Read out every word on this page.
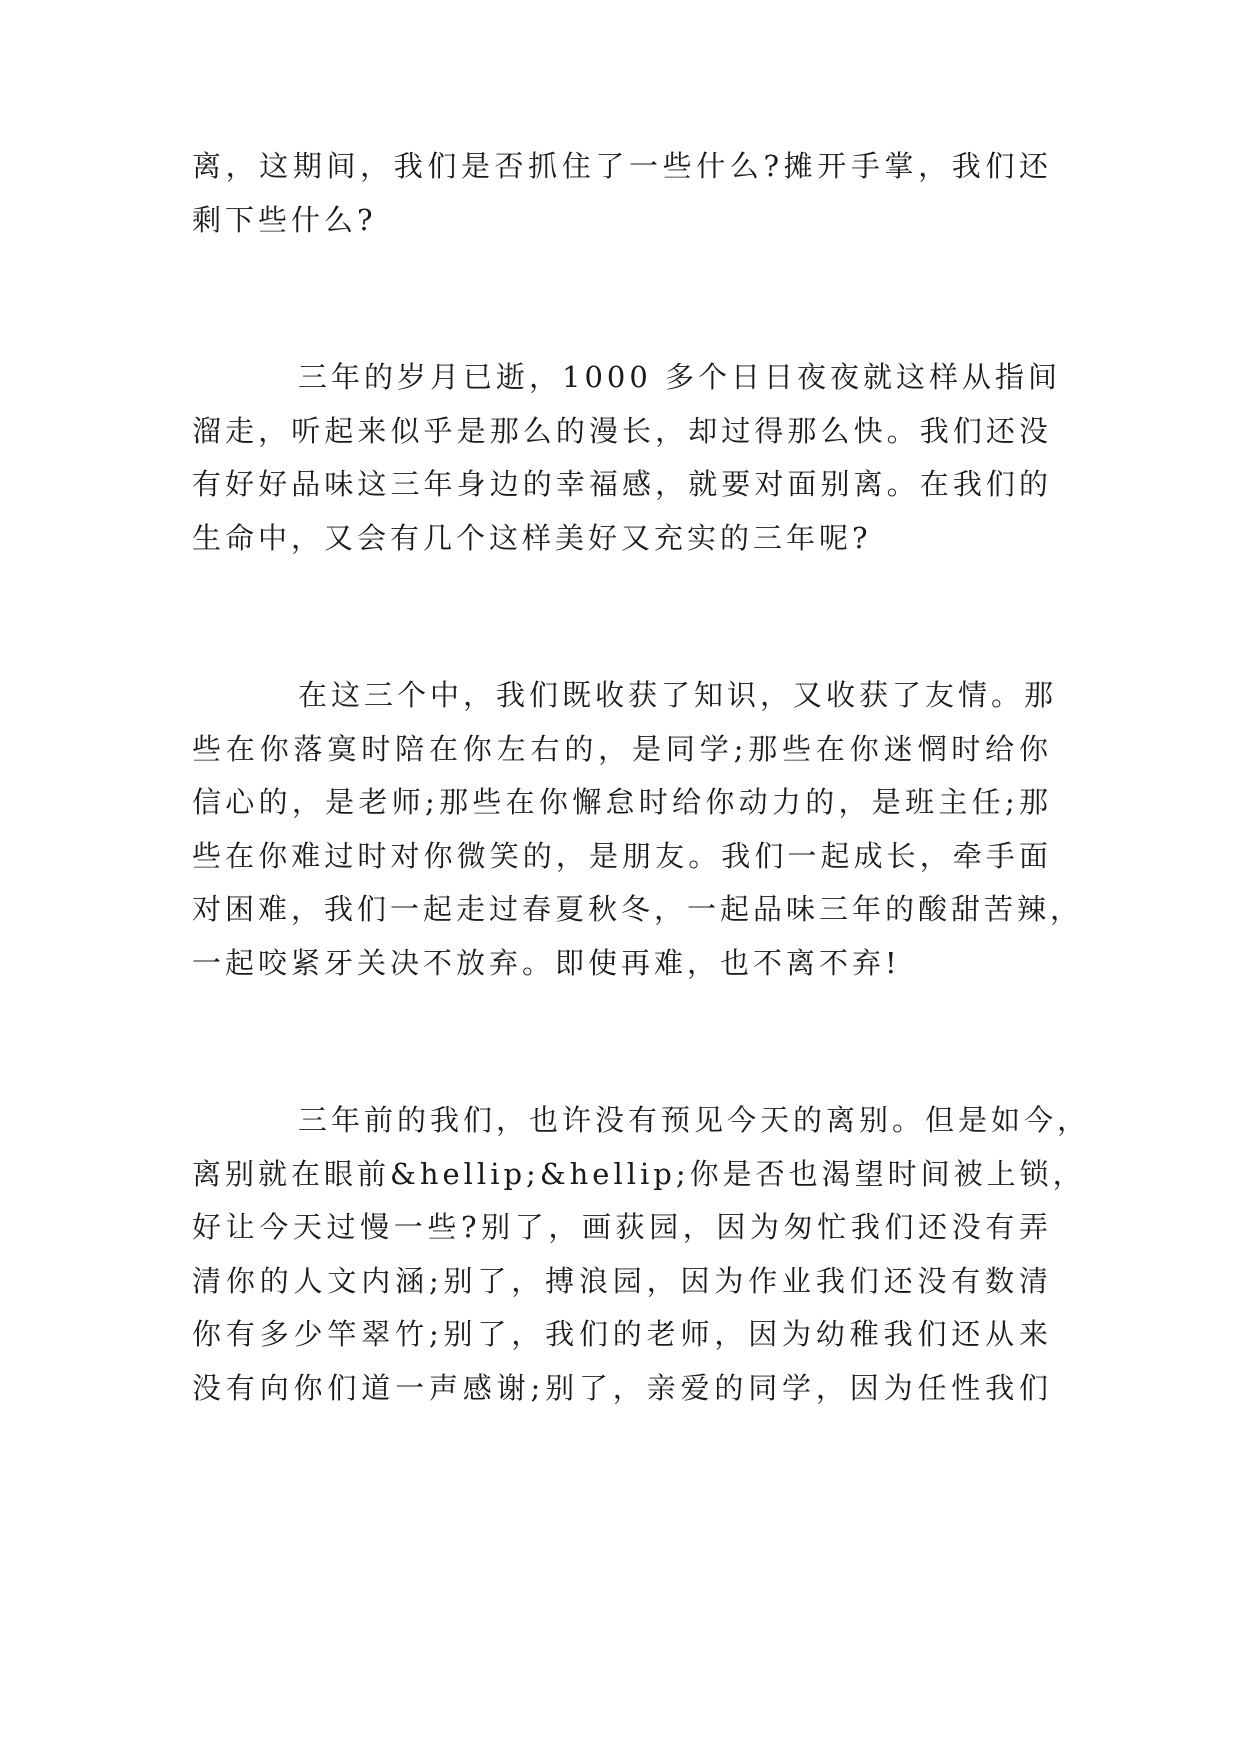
离，这期间，我们是否抓住了一些什么?摊开手掌，我们还
剩下些什么?
三年的岁月已逝，1000 多个日日夜夜就这样从指间
溜走，听起来似乎是那么的漫长，却过得那么快。我们还没
有好好品味这三年身边的幸福感，就要对面别离。在我们的
生命中，又会有几个这样美好又充实的三年呢?
在这三个中，我们既收获了知识，又收获了友情。那
些在你落寞时陪在你左右的，是同学;那些在你迷惘时给你
信心的，是老师;那些在你懈怠时给你动力的，是班主任;那
些在你难过时对你微笑的，是朋友。我们一起成长，牵手面
对困难，我们一起走过春夏秋冬，一起品味三年的酸甜苦辣，
一起咬紧牙关决不放弃。即使再难，也不离不弃!
三年前的我们，也许没有预见今天的离别。但是如今，
离别就在眼前&hellip;&hellip;你是否也渴望时间被上锁，
好让今天过慢一些?别了，画荻园，因为匆忙我们还没有弄
清你的人文内涵;别了，搏浪园，因为作业我们还没有数清
你有多少竿翠竹;别了，我们的老师，因为幼稚我们还从来
没有向你们道一声感谢;别了，亲爱的同学，因为任性我们
